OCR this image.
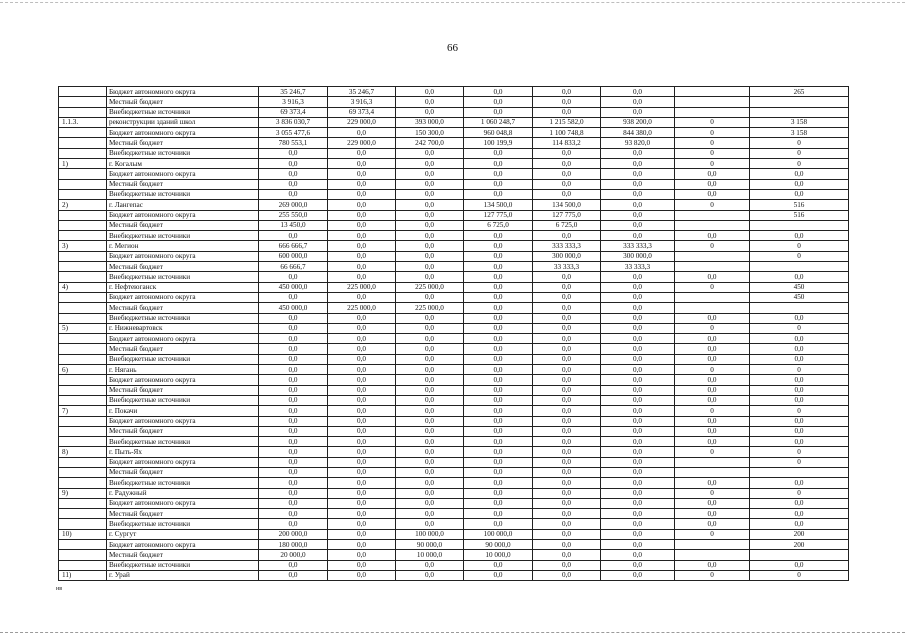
66
	Бюджет автономного округа	35 246,7	35 246,7	0,0	0,0	0,0	0,0		265
	Местный бюджет	3 916,3	3 916,3	0,0	0,0	0,0	0,0		
	Внебюджетные источники	69 373,4	69 373,4	0,0	0,0	0,0	0,0		
1.1.3.	реконструкции зданий школ	3 836 030,7	229 000,0	393 000,0	1 060 248,7	1 215 582,0	938 200,0	0	3 158
	Бюджет автономного округа	3 055 477,6	0,0	150 300,0	960 048,8	1 100 748,8	844 380,0	0	3 158
	Местный бюджет	780 553,1	229 000,0	242 700,0	100 199,9	114 833,2	93 820,0	0	0
	Внебюджетные источники	0,0	0,0	0,0	0,0	0,0	0,0	0	0
1)	г. Когалым	0,0	0,0	0,0	0,0	0,0	0,0	0	0
	Бюджет автономного округа	0,0	0,0	0,0	0,0	0,0	0,0	0,0	0,0
	Местный бюджет	0,0	0,0	0,0	0,0	0,0	0,0	0,0	0,0
	Внебюджетные источники	0,0	0,0	0,0	0,0	0,0	0,0	0,0	0,0
2)	г. Лангепас	269 000,0	0,0	0,0	134 500,0	134 500,0	0,0	0	516
	Бюджет автономного округа	255 550,0	0,0	0,0	127 775,0	127 775,0	0,0		516
	Местный бюджет	13 450,0	0,0	0,0	6 725,0	6 725,0	0,0		
	Внебюджетные источники	0,0	0,0	0,0	0,0	0,0	0,0	0,0	0,0
3)	г. Мегион	666 666,7	0,0	0,0	0,0	333 333,3	333 333,3	0	0
	Бюджет автономного округа	600 000,0	0,0	0,0	0,0	300 000,0	300 000,0		0
	Местный бюджет	66 666,7	0,0	0,0	0,0	33 333,3	33 333,3		
	Внебюджетные источники	0,0	0,0	0,0	0,0	0,0	0,0	0,0	0,0
4)	г. Нефтеюганск	450 000,0	225 000,0	225 000,0	0,0	0,0	0,0	0	450
	Бюджет автономного округа	0,0	0,0	0,0	0,0	0,0	0,0		450
	Местный бюджет	450 000,0	225 000,0	225 000,0	0,0	0,0	0,0		
	Внебюджетные источники	0,0	0,0	0,0	0,0	0,0	0,0	0,0	0,0
5)	г. Нижневартовск	0,0	0,0	0,0	0,0	0,0	0,0	0	0
	Бюджет автономного округа	0,0	0,0	0,0	0,0	0,0	0,0	0,0	0,0
	Местный бюджет	0,0	0,0	0,0	0,0	0,0	0,0	0,0	0,0
	Внебюджетные источники	0,0	0,0	0,0	0,0	0,0	0,0	0,0	0,0
6)	г. Нягань	0,0	0,0	0,0	0,0	0,0	0,0	0	0
	Бюджет автономного округа	0,0	0,0	0,0	0,0	0,0	0,0	0,0	0,0
	Местный бюджет	0,0	0,0	0,0	0,0	0,0	0,0	0,0	0,0
	Внебюджетные источники	0,0	0,0	0,0	0,0	0,0	0,0	0,0	0,0
7)	г. Покачи	0,0	0,0	0,0	0,0	0,0	0,0	0	0
	Бюджет автономного округа	0,0	0,0	0,0	0,0	0,0	0,0	0,0	0,0
	Местный бюджет	0,0	0,0	0,0	0,0	0,0	0,0	0,0	0,0
	Внебюджетные источники	0,0	0,0	0,0	0,0	0,0	0,0	0,0	0,0
8)	г. Пыть-Ях	0,0	0,0	0,0	0,0	0,0	0,0	0	0
	Бюджет автономного округа	0,0	0,0	0,0	0,0	0,0	0,0		0
	Местный бюджет	0,0	0,0	0,0	0,0	0,0	0,0		
	Внебюджетные источники	0,0	0,0	0,0	0,0	0,0	0,0	0,0	0,0
9)	г. Радужный	0,0	0,0	0,0	0,0	0,0	0,0	0	0
	Бюджет автономного округа	0,0	0,0	0,0	0,0	0,0	0,0	0,0	0,0
	Местный бюджет	0,0	0,0	0,0	0,0	0,0	0,0	0,0	0,0
	Внебюджетные источники	0,0	0,0	0,0	0,0	0,0	0,0	0,0	0,0
10)	г. Сургут	200 000,0	0,0	100 000,0	100 000,0	0,0	0,0	0	200
	Бюджет автономного округа	180 000,0	0,0	90 000,0	90 000,0	0,0	0,0		200
	Местный бюджет	20 000,0	0,0	10 000,0	10 000,0	0,0	0,0		
	Внебюджетные источники	0,0	0,0	0,0	0,0	0,0	0,0	0,0	0,0
11)	г. Урай	0,0	0,0	0,0	0,0	0,0	0,0	0	0
нв
